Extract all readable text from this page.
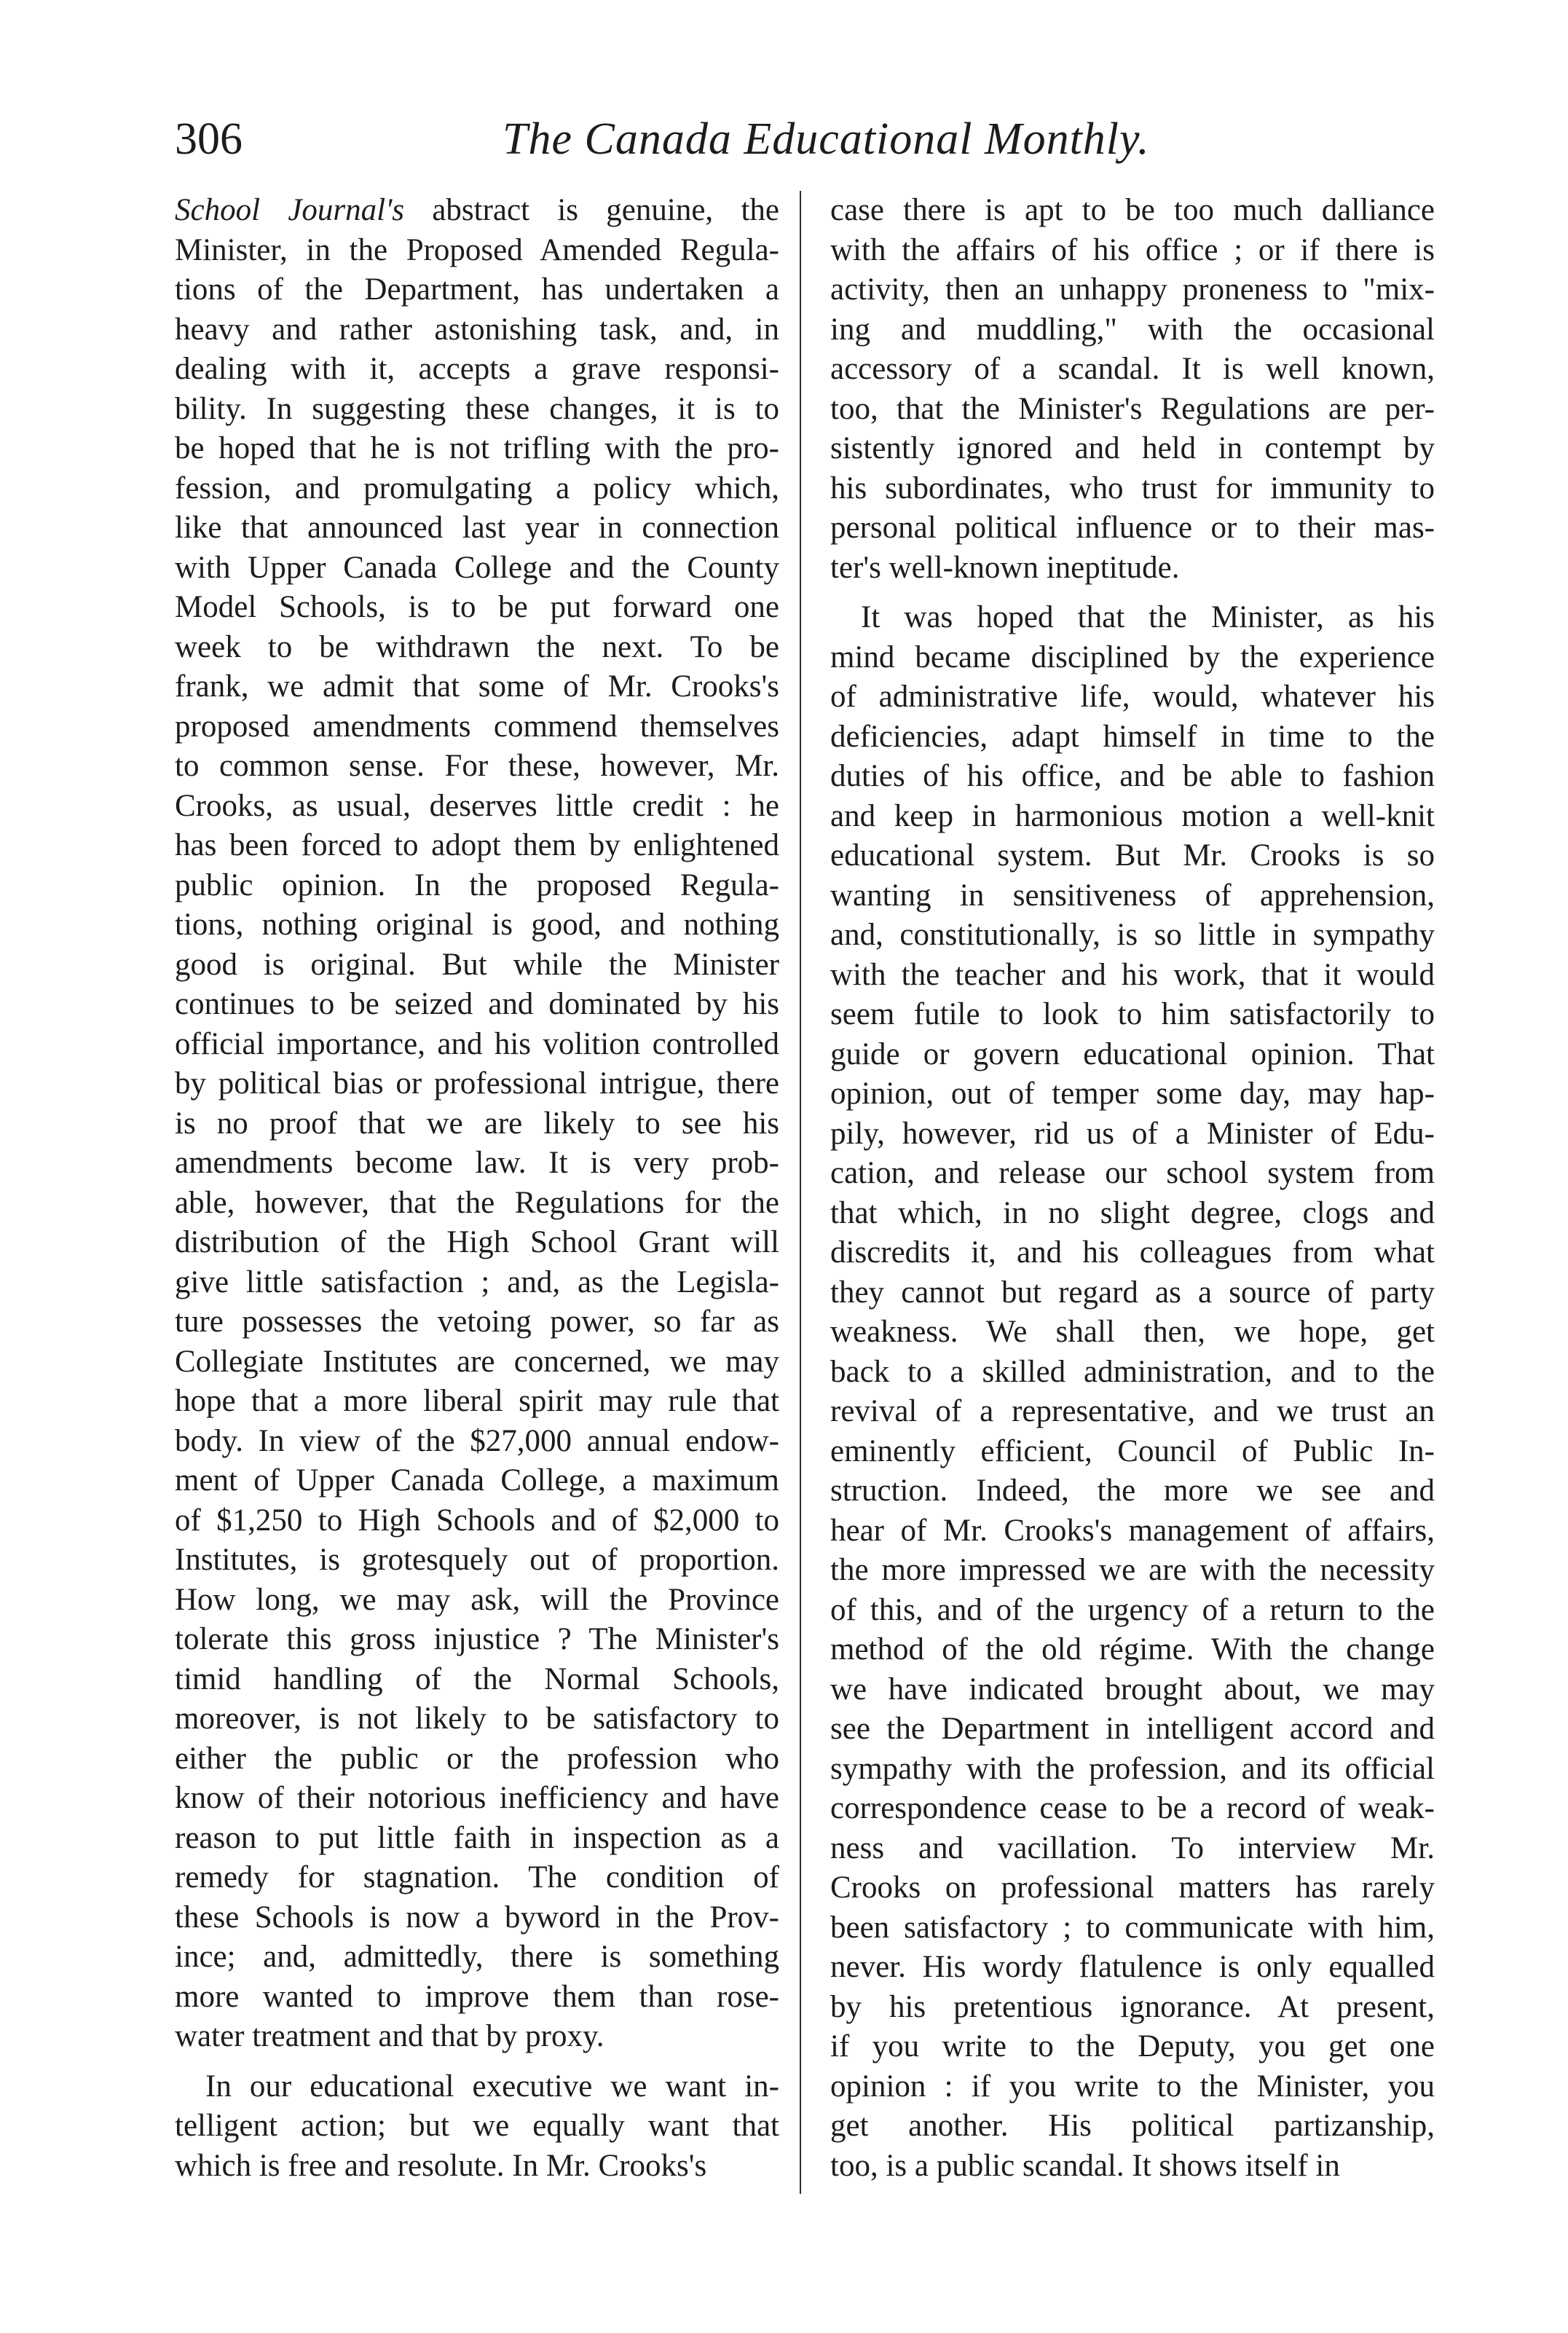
306	The Canada Educational Monthly.
School Journal's abstract is genuine, the
Minister, in the Proposed Amended Regula-
tions of the Department, has undertaken a
heavy and rather astonishing task, and, in
dealing with it, accepts a grave responsi-
bility. In suggesting these changes, it is to
be hoped that he is not trifling with the pro-
fession, and promulgating a policy which,
like that announced last year in connection
with Upper Canada College and the County
Model Schools, is to be put forward one
week to be withdrawn the next. To be
frank, we admit that some of Mr. Crooks's
proposed amendments commend themselves
to common sense. For these, however, Mr.
Crooks, as usual, deserves little credit : he
has been forced to adopt them by enlightened
public opinion. In the proposed Regula-
tions, nothing original is good, and nothing
good is original. But while the Minister
continues to be seized and dominated by his
official importance, and his volition controlled
by political bias or professional intrigue, there
is no proof that we are likely to see his
amendments become law. It is very prob-
able, however, that the Regulations for the
distribution of the High School Grant will
give little satisfaction ; and, as the Legisla-
ture possesses the vetoing power, so far as
Collegiate Institutes are concerned, we may
hope that a more liberal spirit may rule that
body. In view of the $27,000 annual endow-
ment of Upper Canada College, a maximum
of $1,250 to High Schools and of $2,000 to
Institutes, is grotesquely out of proportion.
How long, we may ask, will the Province
tolerate this gross injustice ? The Minister's
timid handling of the Normal Schools,
moreover, is not likely to be satisfactory to
either the public or the profession who
know of their notorious inefficiency and have
reason to put little faith in inspection as a
remedy for stagnation. The condition of
these Schools is now a byword in the Prov-
ince; and, admittedly, there is something
more wanted to improve them than rose-
water treatment and that by proxy.
In our educational executive we want in-
telligent action; but we equally want that
which is free and resolute. In Mr. Crooks's
case there is apt to be too much dalliance
with the affairs of his office ; or if there is
activity, then an unhappy proneness to "mix-
ing and muddling," with the occasional
accessory of a scandal. It is well known,
too, that the Minister's Regulations are per-
sistently ignored and held in contempt by
his subordinates, who trust for immunity to
personal political influence or to their mas-
ter's well-known ineptitude.
It was hoped that the Minister, as his
mind became disciplined by the experience
of administrative life, would, whatever his
deficiencies, adapt himself in time to the
duties of his office, and be able to fashion
and keep in harmonious motion a well-knit
educational system. But Mr. Crooks is so
wanting in sensitiveness of apprehension,
and, constitutionally, is so little in sympathy
with the teacher and his work, that it would
seem futile to look to him satisfactorily to
guide or govern educational opinion. That
opinion, out of temper some day, may hap-
pily, however, rid us of a Minister of Edu-
cation, and release our school system from
that which, in no slight degree, clogs and
discredits it, and his colleagues from what
they cannot but regard as a source of party
weakness. We shall then, we hope, get
back to a skilled administration, and to the
revival of a representative, and we trust an
eminently efficient, Council of Public In-
struction. Indeed, the more we see and
hear of Mr. Crooks's management of affairs,
the more impressed we are with the necessity
of this, and of the urgency of a return to the
method of the old régime. With the change
we have indicated brought about, we may
see the Department in intelligent accord and
sympathy with the profession, and its official
correspondence cease to be a record of weak-
ness and vacillation. To interview Mr.
Crooks on professional matters has rarely
been satisfactory ; to communicate with him,
never. His wordy flatulence is only equalled
by his pretentious ignorance. At present,
if you write to the Deputy, you get one
opinion : if you write to the Minister, you
get another. His political partizanship,
too, is a public scandal. It shows itself in
